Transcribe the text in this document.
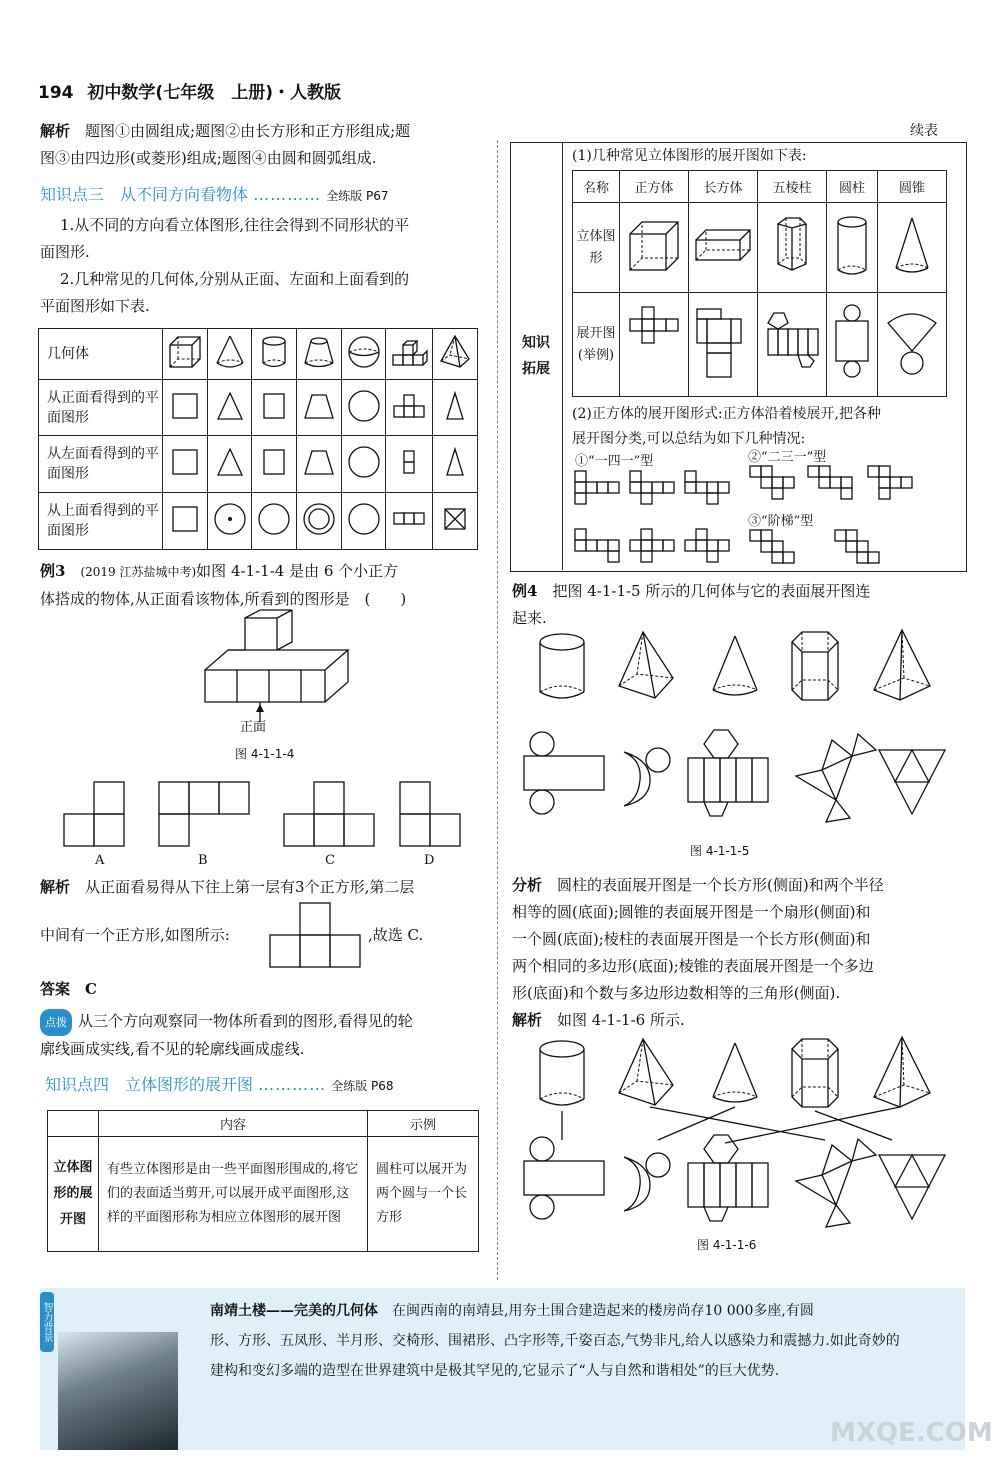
194 初中数学(七年级　上册)・人教版
解析　 题图①由圆组成;题图②由长方形和正方形组成;题
图③由四边形(或菱形)组成;题图④由圆和圆弧组成.
知识点三　从不同方向看物体 ………… 全练版 P67
1.从不同的方向看立体图形,往往会得到不同形状的平
面图形.
2.几种常见的几何体,分别从正面、左面和上面看到的
平面图形如下表.
几何体							
从正面看得到的平面图形							
从左面看得到的平面图形							
从上面看得到的平面图形							
例3　 (2019 江苏盐城中考)如图 4-1-1-4 是由 6 个小正方
体搭成的物体,从正面看该物体,所看到的图形是　(　　)
正面
图 4-1-1-4
A	B	C	D
解析　 从正面看易得从下往上第一层有3个正方形,第二层
中间有一个正方形,如图所示:	,故选 C.
答案　 C
点拨 从三个方向观察同一物体所看到的图形,看得见的轮
廓线画成实线,看不见的轮廓线画成虚线.
知识点四　立体图形的展开图 ………… 全练版 P68
	内容	示例
立体图形的展开图	有些立体图形是由一些平面图形围成的,将它们的表面适当剪开,可以展开成平面图形,这样的平面图形称为相应立体图形的展开图	圆柱可以展开为两个圆与一个长方形
续表
知识拓展
(1)几种常见立体图形的展开图如下表:
名称	正方体	长方体	五棱柱	圆柱	圆锥
立体图形					
展开图(举例)					
(2)正方体的展开图形式:正方体沿着棱展开,把各种
展开图分类,可以总结为如下几种情况:
①“一四一”型	②“二三一”型
③“阶梯”型
例4　 把图 4-1-1-5 所示的几何体与它的表面展开图连
起来.
图 4-1-1-5
分析　 圆柱的表面展开图是一个长方形(侧面)和两个半径
相等的圆(底面);圆锥的表面展开图是一个扇形(侧面)和
一个圆(底面);棱柱的表面展开图是一个长方形(侧面)和
两个相同的多边形(底面);棱锥的表面展开图是一个多边
形(底面)和个数与多边形边数相等的三角形(侧面).
解析　 如图 4-1-1-6 所示.
图 4-1-1-6
智力背景	南靖土楼——完美的几何体　 在闽西南的南靖县,用夯土围合建造起来的楼房尚存10 000多座,有圆
形、方形、五凤形、半月形、交椅形、围裙形、凸字形等,千姿百态,气势非凡,给人以感染力和震撼力.如此奇妙的
建构和变幻多端的造型在世界建筑中是极其罕见的,它显示了“人与自然和谐相处”的巨大优势.
MXQE.COM
